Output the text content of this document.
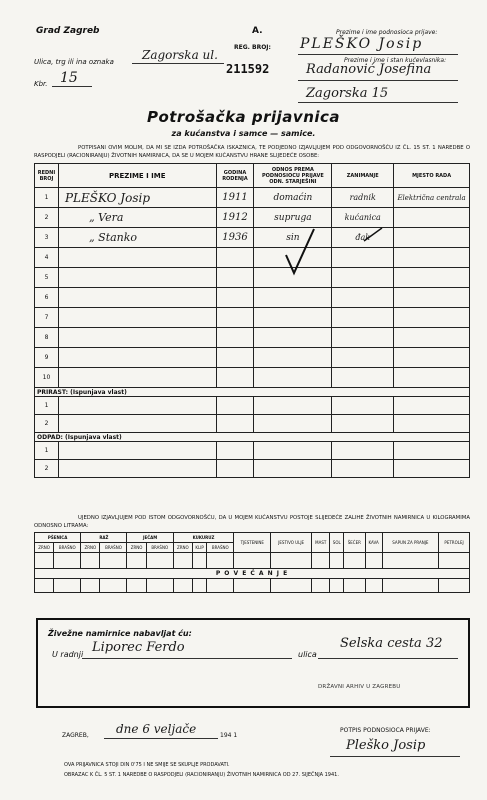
Grad Zagreb	A.
Ulica, trg ili ina oznaka Zagorska ul.
Kbr. 15
REG. BROJ:
211592
Prezime i ime podnosioca prijave:
PLEŠKO Josip
Prezime i ime i stan kućevlasnika:
Radanović Josefina
Zagorska 15
Potrošačka prijavnica
za kućanstva i samce — samice.
POTPISANI OVIM MOLIM, DA MI SE IZDA POTROŠAČKA ISKAZNICA, TE PODJEDNO IZJAVLJUJEM POD ODGOVORNOŠĆU IZ ČL. 15 ST. 1 NAREDBE O RASPODJELI (RACIONIRANJU) ŽIVOTNIH NAMIRNICA, DA SE U MOJEM KUĆANSTVU HRANE SLIJEDEĆE OSOBE:
REDNI BROJ	PREZIME I IME	GODINA RODENJA	ODNOS PREMA PODNOSIOCU PRIJAVE ODN. STARJEŠINI	ZANIMANJE	MJESTO RADA
1	PLEŠKO Josip	1911	domaćin	radnik	Električna centrala
2	„ Vera	1912	supruga	kućanica	
3	„ Stanko	1936	sin	đak	
4					
5					
6					
7					
8					
9					
10					
PRIRAST: (Ispunjava vlast)					
1					
2					
ODPAD: (Ispunjava vlast)					
1					
2					
UJEDNO IZJAVLJUJEM POD ISTOM ODGOVORNOŠĆU, DA U MOJEM KUĆANSTVU POSTOJE SLIJEDEĆE ZALIHE ŽIVOTNIH NAMIRNICA U KILOGRAMIMA ODNOSNO LITRAMA:
PŠENICA		RAŽ		JEČAM		KUKURUZ			TJESTENINE	JESTIVO ULJE	MAST	SOL	ŠEĆER	KAVA	SAPUN ZA PRANJE	PETROLEJ
ZRNO	BRAŠNO	ZRNO	BRAŠNO	ZRNO	BRAŠNO	ZRNO	KLIP	BRAŠNO								

P O V E Ć A N J E																

Živežne namirnice nabavljat ću:
U radnji Liporec Ferdo	ulica
Selska cesta 32
DRŽAVNI ARHIV U ZAGREBU
ZAGREB, dne 6 veljače	194 1
POTPIS PODNOSIOCA PRIJAVE:
Pleško Josip
OVA PRIJAVNICA STOJI DIN 0'75 I NE SMIJE SE SKUPLJE PRODAVATI.
OBRAZAC K ČL. 5 ST. 1 NAREDBE O RASPODJELI (RACIONIRANJU) ŽIVOTNIH NAMIRNICA OD 27. SIJEČNJA 1941.
